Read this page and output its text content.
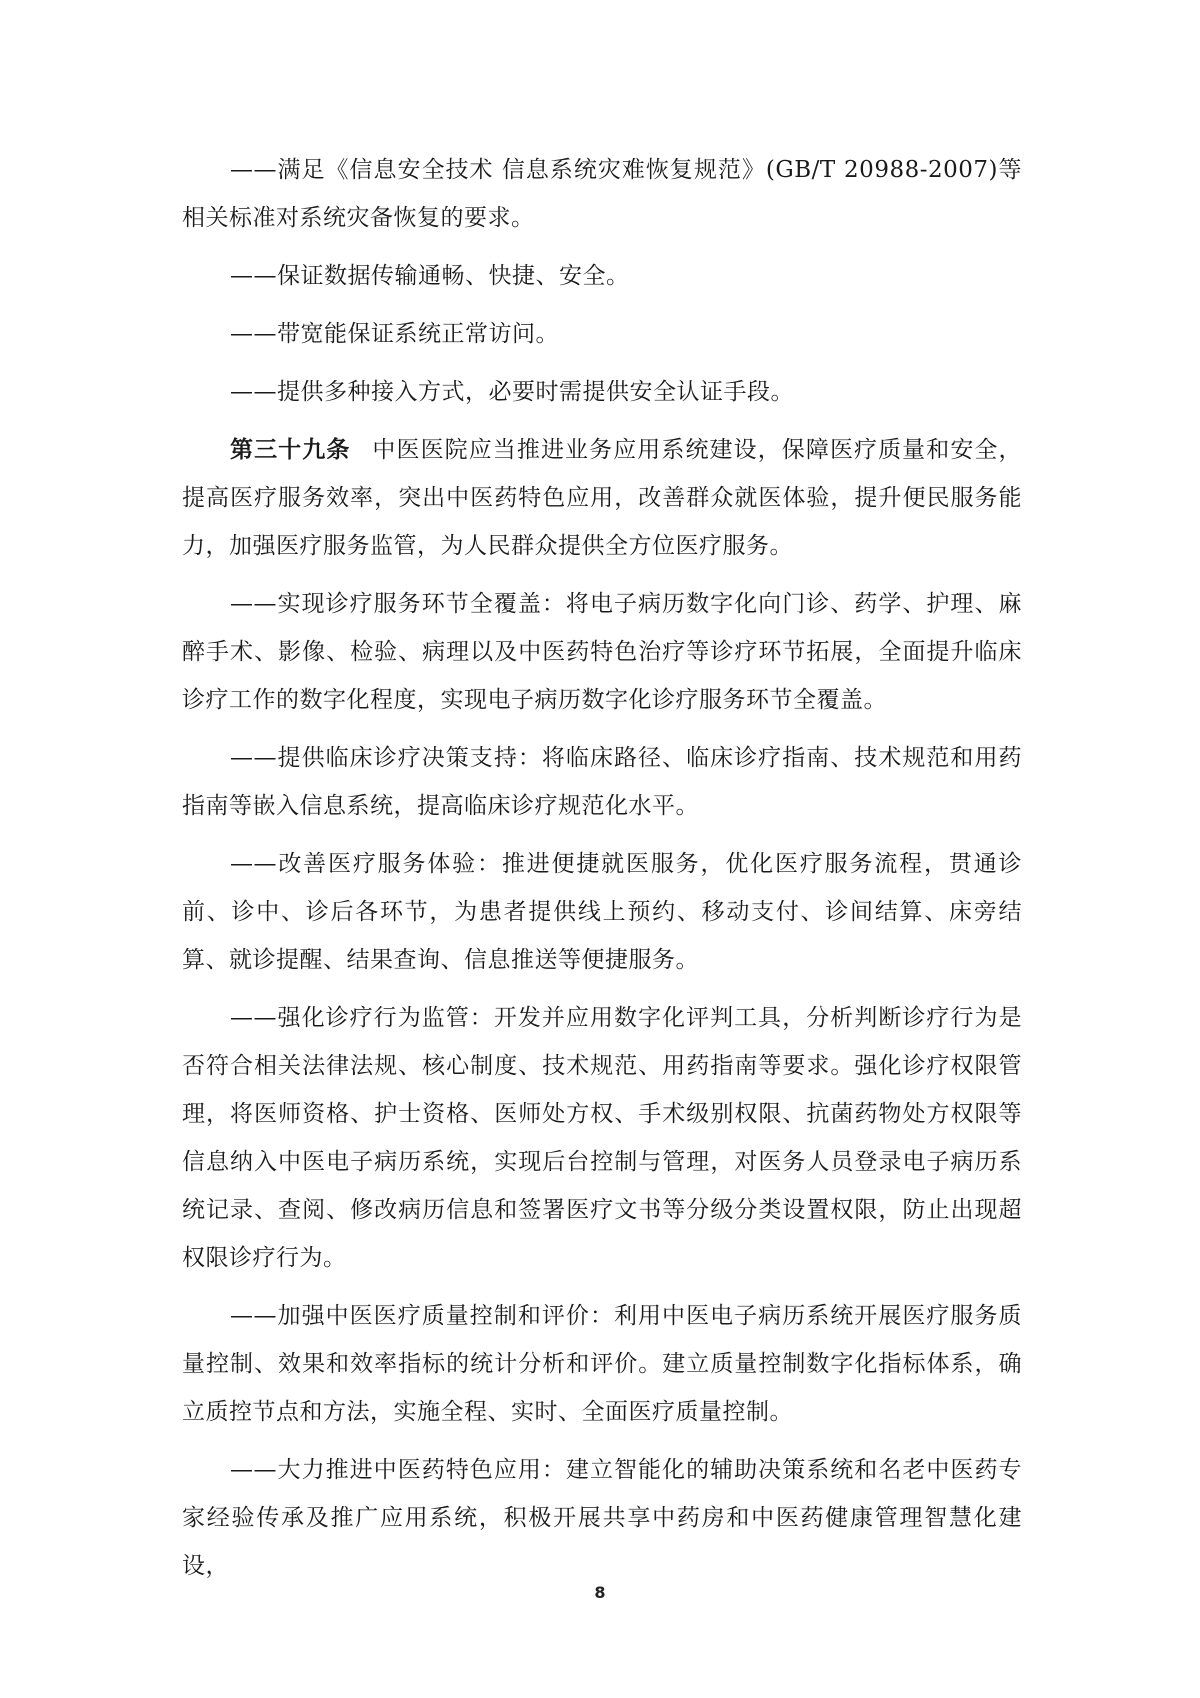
——满足《信息安全技术 信息系统灾难恢复规范》(GB/T 20988-2007)等相关标准对系统灾备恢复的要求。

——保证数据传输通畅、快捷、安全。

——带宽能保证系统正常访问。

——提供多种接入方式，必要时需提供安全认证手段。

第三十九条 中医医院应当推进业务应用系统建设，保障医疗质量和安全，提高医疗服务效率，突出中医药特色应用，改善群众就医体验，提升便民服务能力，加强医疗服务监管，为人民群众提供全方位医疗服务。

——实现诊疗服务环节全覆盖：将电子病历数字化向门诊、药学、护理、麻醉手术、影像、检验、病理以及中医药特色治疗等诊疗环节拓展，全面提升临床诊疗工作的数字化程度，实现电子病历数字化诊疗服务环节全覆盖。

——提供临床诊疗决策支持：将临床路径、临床诊疗指南、技术规范和用药指南等嵌入信息系统，提高临床诊疗规范化水平。

——改善医疗服务体验：推进便捷就医服务，优化医疗服务流程，贯通诊前、诊中、诊后各环节，为患者提供线上预约、移动支付、诊间结算、床旁结算、就诊提醒、结果查询、信息推送等便捷服务。

——强化诊疗行为监管：开发并应用数字化评判工具，分析判断诊疗行为是否符合相关法律法规、核心制度、技术规范、用药指南等要求。强化诊疗权限管理，将医师资格、护士资格、医师处方权、手术级别权限、抗菌药物处方权限等信息纳入中医电子病历系统，实现后台控制与管理，对医务人员登录电子病历系统记录、查阅、修改病历信息和签署医疗文书等分级分类设置权限，防止出现超权限诊疗行为。

——加强中医医疗质量控制和评价：利用中医电子病历系统开展医疗服务质量控制、效果和效率指标的统计分析和评价。建立质量控制数字化指标体系，确立质控节点和方法，实施全程、实时、全面医疗质量控制。

——大力推进中医药特色应用：建立智能化的辅助决策系统和名老中医药专家经验传承及推广应用系统，积极开展共享中药房和中医药健康管理智慧化建设，

8
